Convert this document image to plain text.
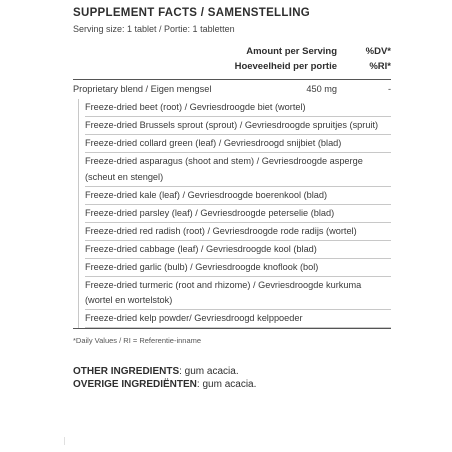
SUPPLEMENT FACTS / SAMENSTELLING
Serving size: 1 tablet / Portie: 1 tabletten
Amount per Serving
Hoeveelheid per portie
%DV*
%RI*
Proprietary blend / Eigen mengsel	450 mg	-
Freeze-dried beet (root) / Gevriesdroogde biet (wortel)
Freeze-dried Brussels sprout (sprout) / Gevriesdroogde spruitjes (spruit)
Freeze-dried collard green (leaf) / Gevriesdroogd snijbiet (blad)
Freeze-dried asparagus (shoot and stem) / Gevriesdroogde asperge (scheut en stengel)
Freeze-dried kale (leaf) / Gevriesdroogde boerenkool (blad)
Freeze-dried parsley (leaf) / Gevriesdroogde peterselie (blad)
Freeze-dried red radish (root) / Gevriesdroogde rode radijs (wortel)
Freeze-dried cabbage (leaf) / Gevriesdroogde kool (blad)
Freeze-dried garlic (bulb) / Gevriesdroogde knoflook (bol)
Freeze-dried turmeric (root and rhizome) / Gevriesdroogde kurkuma (wortel en wortelstok)
Freeze-dried kelp powder/ Gevriesdroogd kelppoeder
*Daily Values / RI = Referentie-inname
OTHER INGREDIENTS: gum acacia.
OVERIGE INGREDIËNTEN: gum acacia.
